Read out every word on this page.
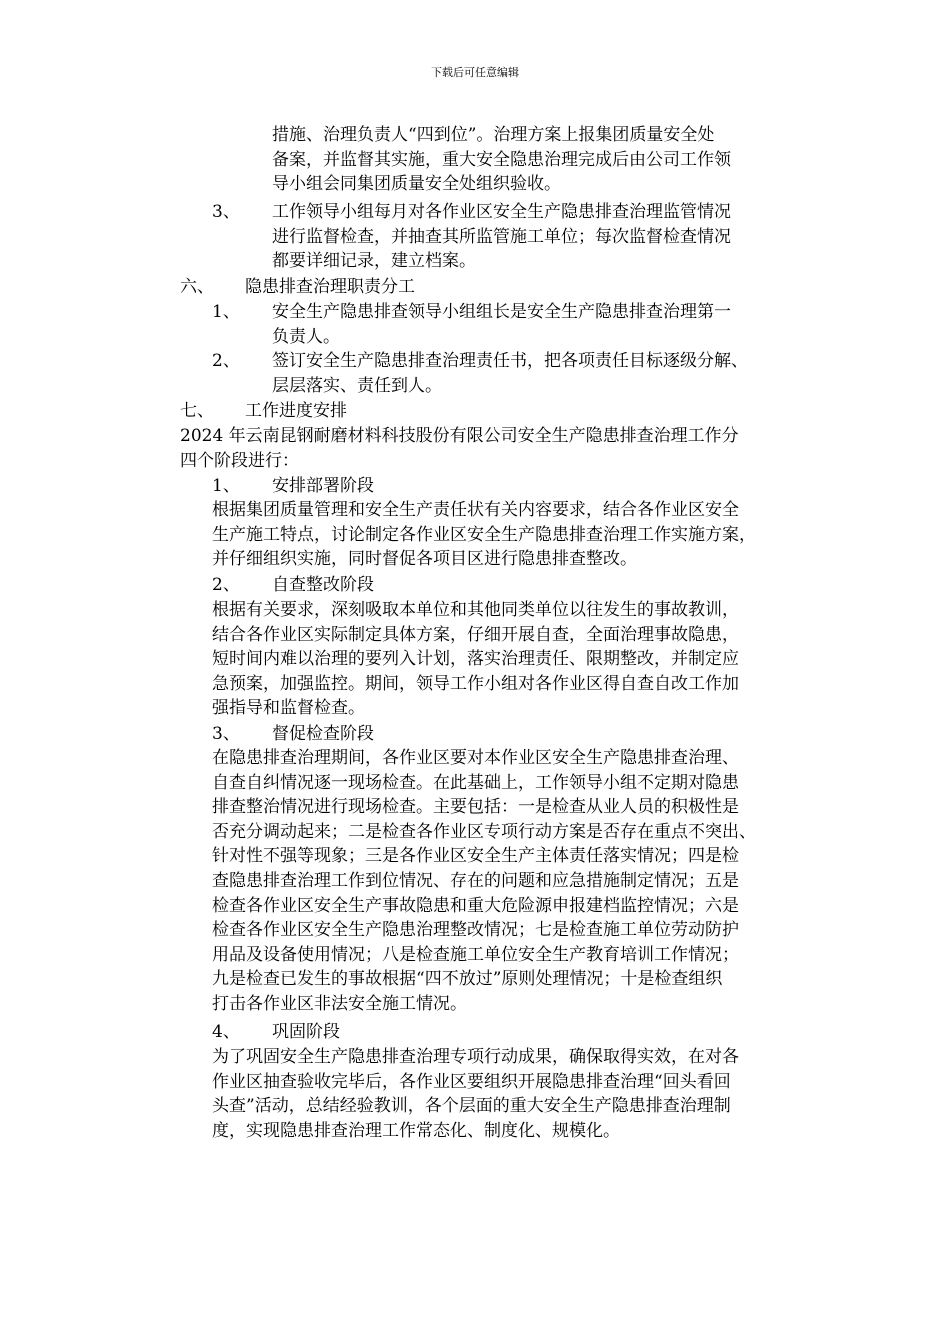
下载后可任意编辑
措施、治理负责人“四到位”。治理方案上报集团质量安全处
备案，并监督其实施，重大安全隐患治理完成后由公司工作领
导小组会同集团质量安全处组织验收。
3、 工作领导小组每月对各作业区安全生产隐患排查治理监管情况
进行监督检查，并抽查其所监管施工单位；每次监督检查情况
都要详细记录，建立档案。
六、 隐患排查治理职责分工
1、 安全生产隐患排查领导小组组长是安全生产隐患排查治理第一
负责人。
2、 签订安全生产隐患排查治理责任书，把各项责任目标逐级分解、
层层落实、责任到人。
七、 工作进度安排
2024 年云南昆钢耐磨材料科技股份有限公司安全生产隐患排查治理工作分
四个阶段进行：
1、 安排部署阶段
根据集团质量管理和安全生产责任状有关内容要求，结合各作业区安全
生产施工特点，讨论制定各作业区安全生产隐患排查治理工作实施方案，
并仔细组织实施，同时督促各项目区进行隐患排查整改。
2、 自查整改阶段
根据有关要求，深刻吸取本单位和其他同类单位以往发生的事故教训，
结合各作业区实际制定具体方案，仔细开展自查，全面治理事故隐患，
短时间内难以治理的要列入计划，落实治理责任、限期整改，并制定应
急预案，加强监控。期间，领导工作小组对各作业区得自查自改工作加
强指导和监督检查。
3、 督促检查阶段
在隐患排查治理期间，各作业区要对本作业区安全生产隐患排查治理、
自查自纠情况逐一现场检查。在此基础上，工作领导小组不定期对隐患
排查整治情况进行现场检查。主要包括：一是检查从业人员的积极性是
否充分调动起来；二是检查各作业区专项行动方案是否存在重点不突出、
针对性不强等现象；三是各作业区安全生产主体责任落实情况；四是检
查隐患排查治理工作到位情况、存在的问题和应急措施制定情况；五是
检查各作业区安全生产事故隐患和重大危险源申报建档监控情况；六是
检查各作业区安全生产隐患治理整改情况；七是检查施工单位劳动防护
用品及设备使用情况；八是检查施工单位安全生产教育培训工作情况；
九是检查已发生的事故根据“四不放过”原则处理情况；十是检查组织
打击各作业区非法安全施工情况。
4、 巩固阶段
为了巩固安全生产隐患排查治理专项行动成果，确保取得实效，在对各
作业区抽查验收完毕后，各作业区要组织开展隐患排查治理“回头看回
头查”活动，总结经验教训，各个层面的重大安全生产隐患排查治理制
度，实现隐患排查治理工作常态化、制度化、规模化。
